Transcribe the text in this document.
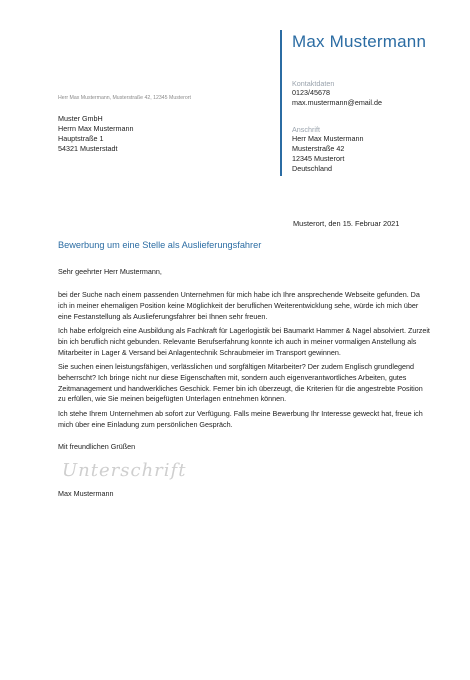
Max Mustermann
Kontaktdaten
0123/45678
max.mustermann@email.de
Anschrift
Herr Max Mustermann
Musterstraße 42
12345 Musterort
Deutschland
Herr Max Mustermann, Musterstraße 42, 12345 Musterort
Muster GmbH
Herrn Max Mustermann
Hauptstraße 1
54321 Musterstadt
Musterort, den 15. Februar 2021
Bewerbung um eine Stelle als Auslieferungsfahrer
Sehr geehrter Herr Mustermann,

bei der Suche nach einem passenden Unternehmen für mich habe ich Ihre ansprechende Webseite gefunden. Da ich in meiner ehemaligen Position keine Möglichkeit der beruflichen Weiterentwicklung sehe, würde ich mich über eine Festanstellung als Auslieferungsfahrer bei Ihnen sehr freuen.

Ich habe erfolgreich eine Ausbildung als Fachkraft für Lagerlogistik bei Baumarkt Hammer & Nagel absolviert. Zurzeit bin ich beruflich nicht gebunden. Relevante Berufserfahrung konnte ich auch in meiner vormaligen Anstellung als Mitarbeiter in Lager & Versand bei Anlagentechnik Schraubmeier im Transport gewinnen.

Sie suchen einen leistungsfähigen, verlässlichen und sorgfältigen Mitarbeiter? Der zudem Englisch grundlegend beherrscht? Ich bringe nicht nur diese Eigenschaften mit, sondern auch eigenverantwortliches Arbeiten, gutes Zeitmanagement und handwerkliches Geschick. Ferner bin ich überzeugt, die Kriterien für die angestrebte Position zu erfüllen, wie Sie meinen beigefügten Unterlagen entnehmen können.

Ich stehe Ihrem Unternehmen ab sofort zur Verfügung. Falls meine Bewerbung Ihr Interesse geweckt hat, freue ich mich über eine Einladung zum persönlichen Gespräch.

Mit freundlichen Grüßen
Unterschrift
Max Mustermann
